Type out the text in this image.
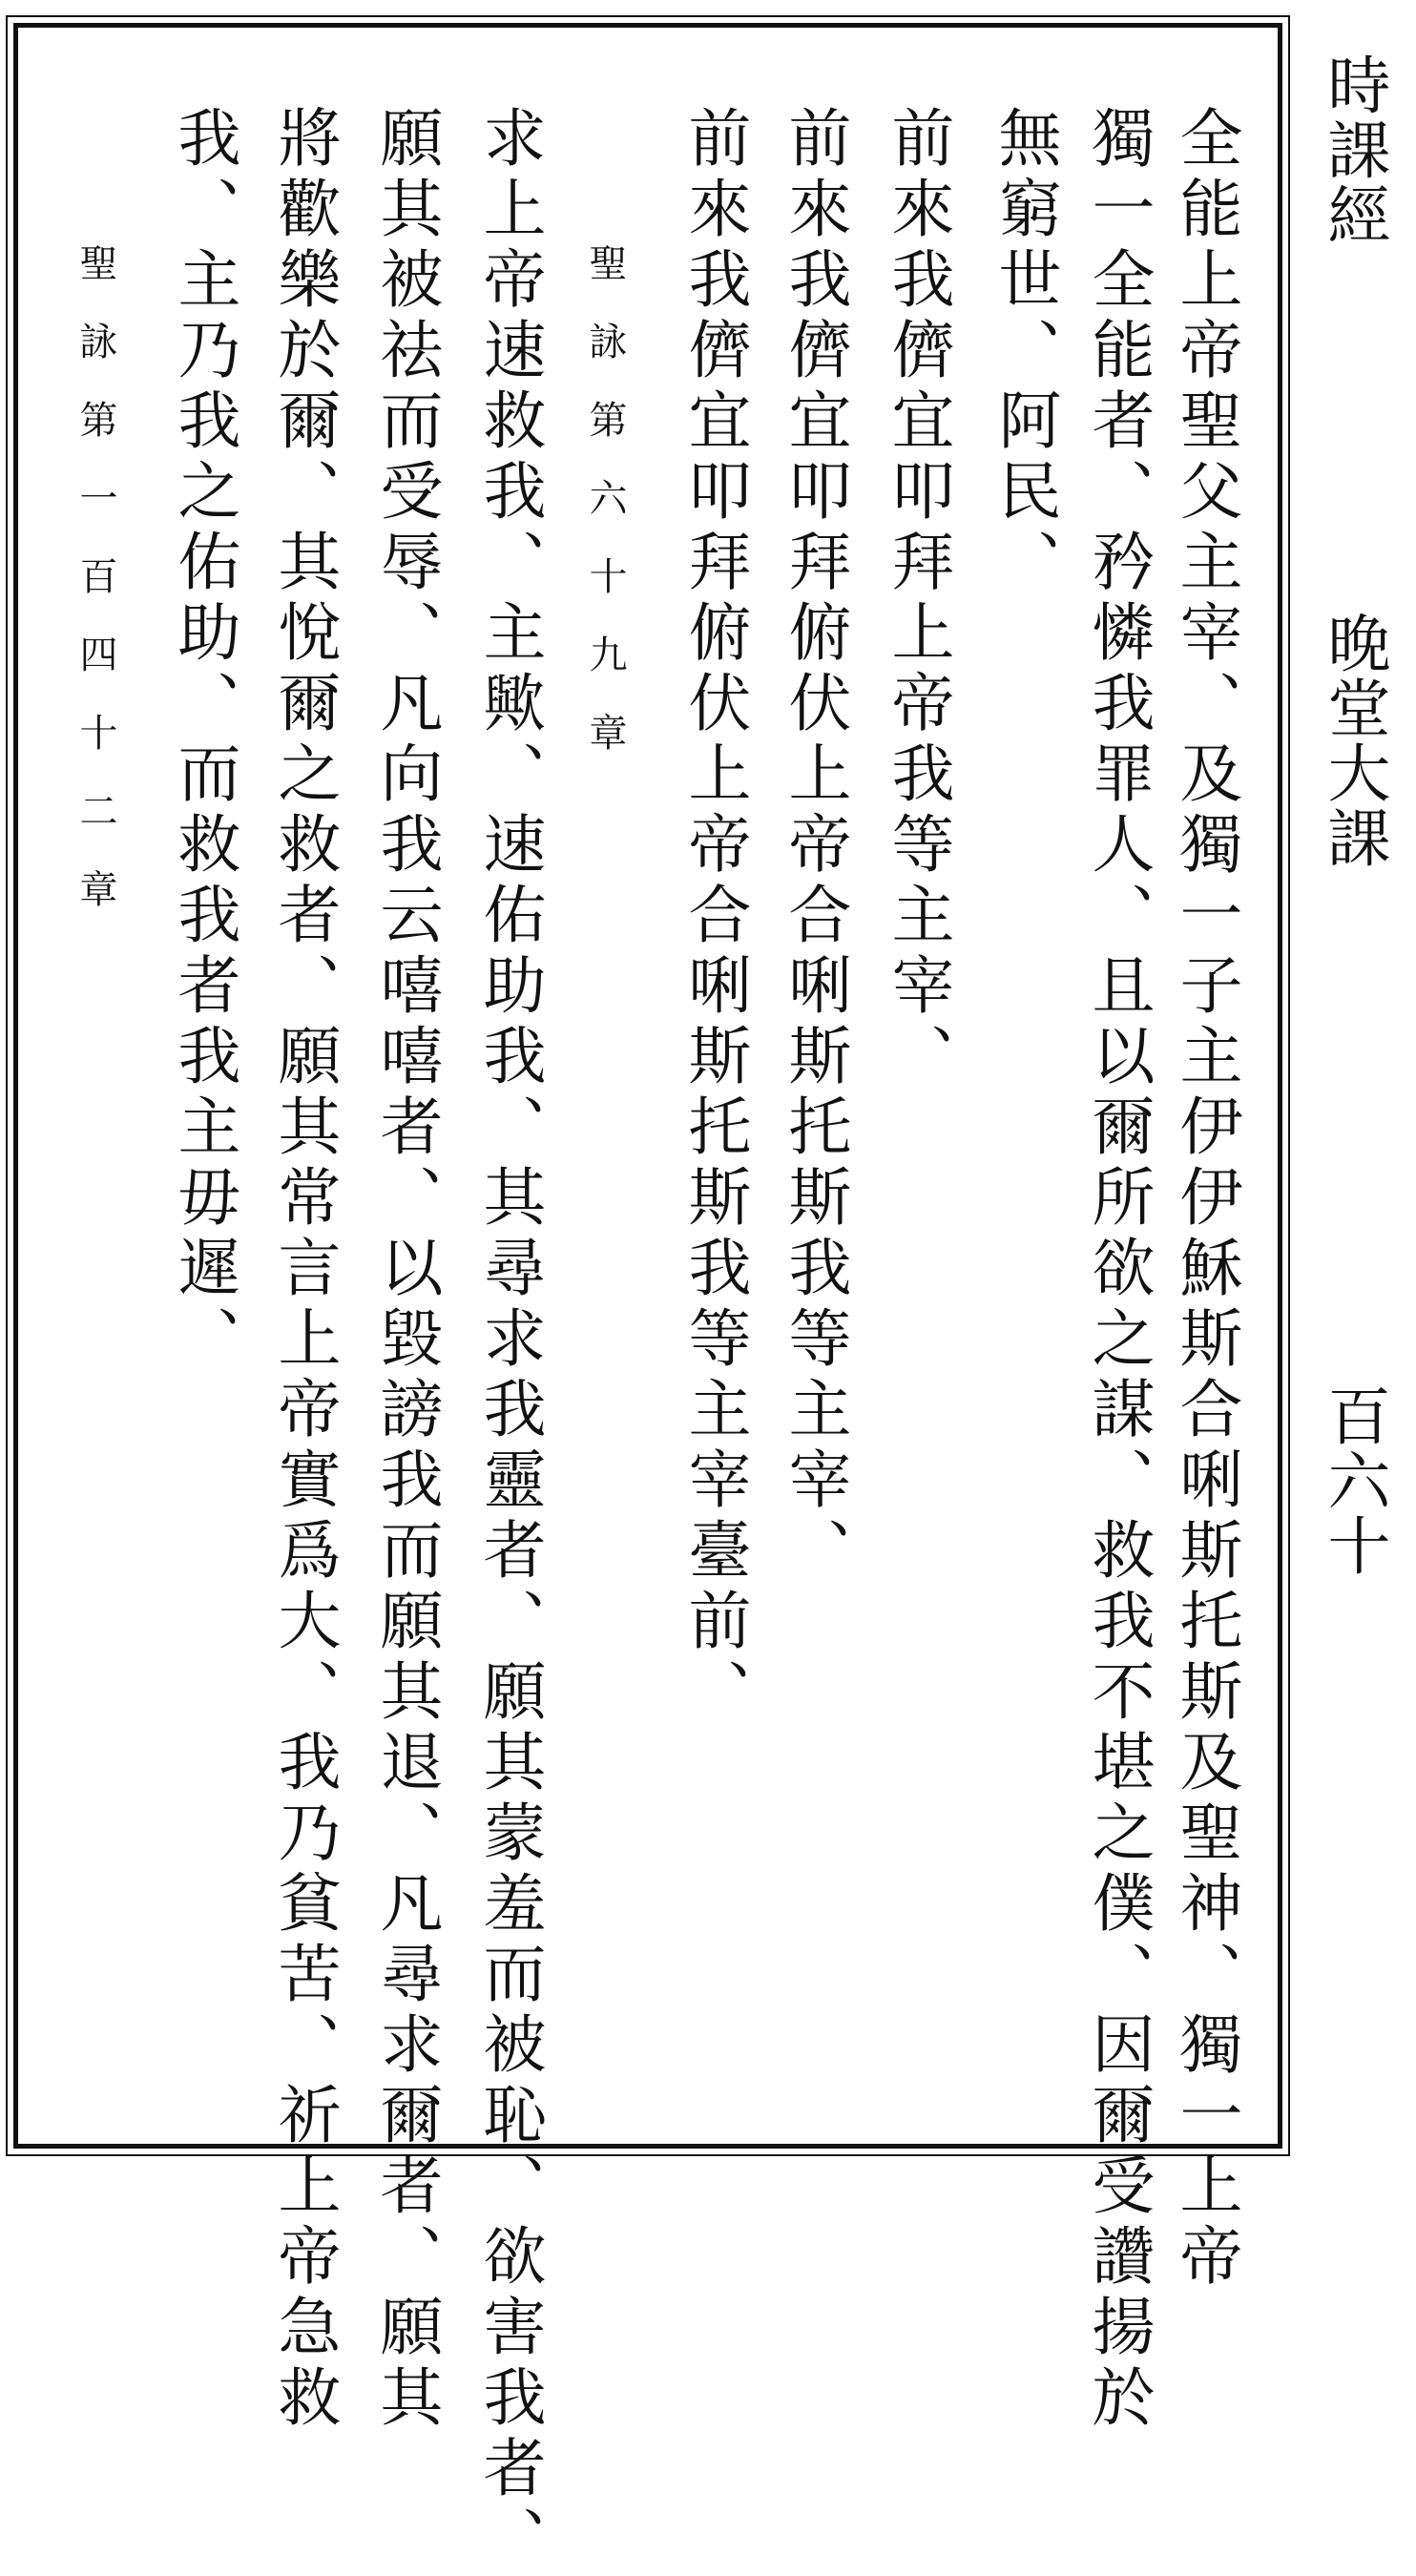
時課經
晚堂大課
百六十
全能上帝聖父主宰、及獨一子主伊伊穌斯合唎斯托斯及聖神、獨一上帝
獨一全能者、矜憐我罪人、且以爾所欲之謀、救我不堪之僕、因爾受讚揚於
無窮世、阿民、
前來我儕宜叩拜上帝我等主宰、
前來我儕宜叩拜俯伏上帝合唎斯托斯我等主宰、
前來我儕宜叩拜俯伏上帝合唎斯托斯我等主宰臺前、
聖詠第六十九章
求上帝速救我、主歟、速佑助我、其尋求我靈者、願其蒙羞而被恥、欲害我者、
願其被祛而受辱、凡向我云嘻嘻者、以毀謗我而願其退、凡尋求爾者、願其
將歡樂於爾、其悅爾之救者、願其常言上帝實爲大、我乃貧苦、祈上帝急救
我、主乃我之佑助、而救我者我主毋遲、
聖詠第一百四十二章
